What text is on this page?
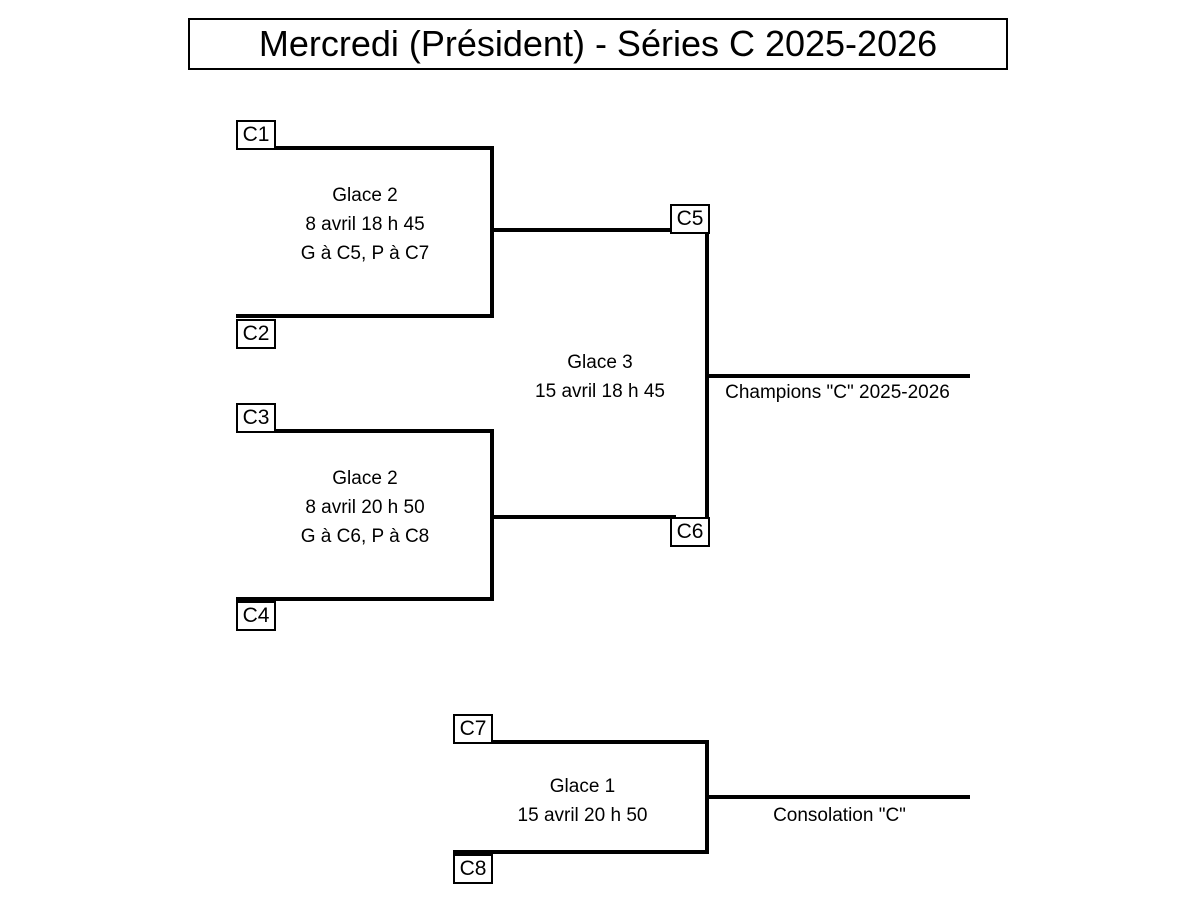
Mercredi (Président) - Séries C 2025-2026
C1
C2
Glace 2
8 avril 18 h 45
G à C5, P à C7
C3
C4
Glace 2
8 avril 20 h 50
G à C6, P à C8
C5
C6
Glace 3
15 avril 18 h 45	Champions "C" 2025-2026
C7
C8
Glace 1
15 avril 20 h 50	Consolation "C"
